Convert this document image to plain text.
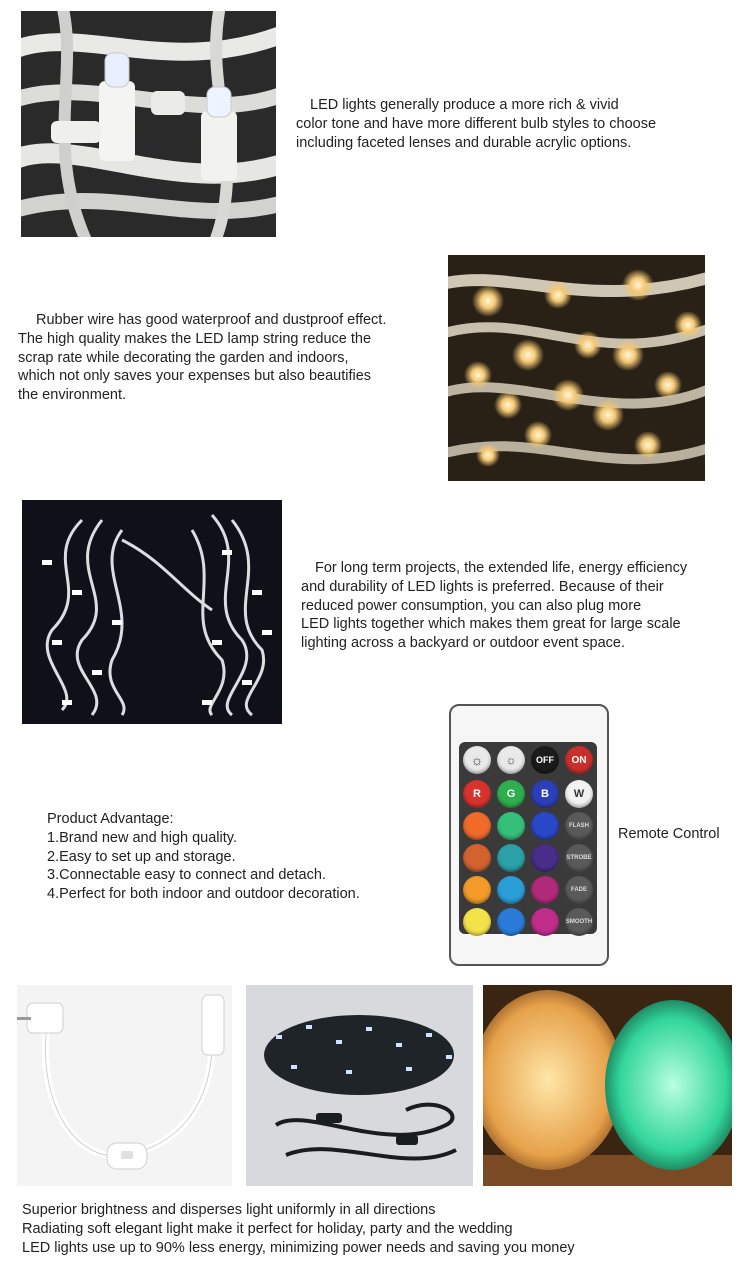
LED lights generally produce a more rich & vivid
color tone and have more different bulb styles to choose
including faceted lenses and durable acrylic options.
Rubber wire has good waterproof and dustproof effect.
The high quality makes the LED lamp string reduce the
scrap rate while decorating the garden and indoors,
which not only saves your expenses but also beautifies
the environment.
For long term projects, the extended life, energy efficiency
and durability of LED lights is preferred. Because of their
reduced power consumption, you can also plug more
LED lights together which makes them great for large scale
lighting across a backyard or outdoor event space.
Product Advantage:
1.Brand new and high quality.
2.Easy to set up and storage.
3.Connectable easy to connect and detach.
4.Perfect for both indoor and outdoor decoration.
☼	☼	OFF	ON
R	G	B	W
FLASH
STROBE
FADE
SMOOTH
Remote Control
Superior brightness and disperses light uniformly in all directions
Radiating soft elegant light make it perfect for holiday, party and the wedding
LED lights use up to 90% less energy, minimizing power needs and saving you money
